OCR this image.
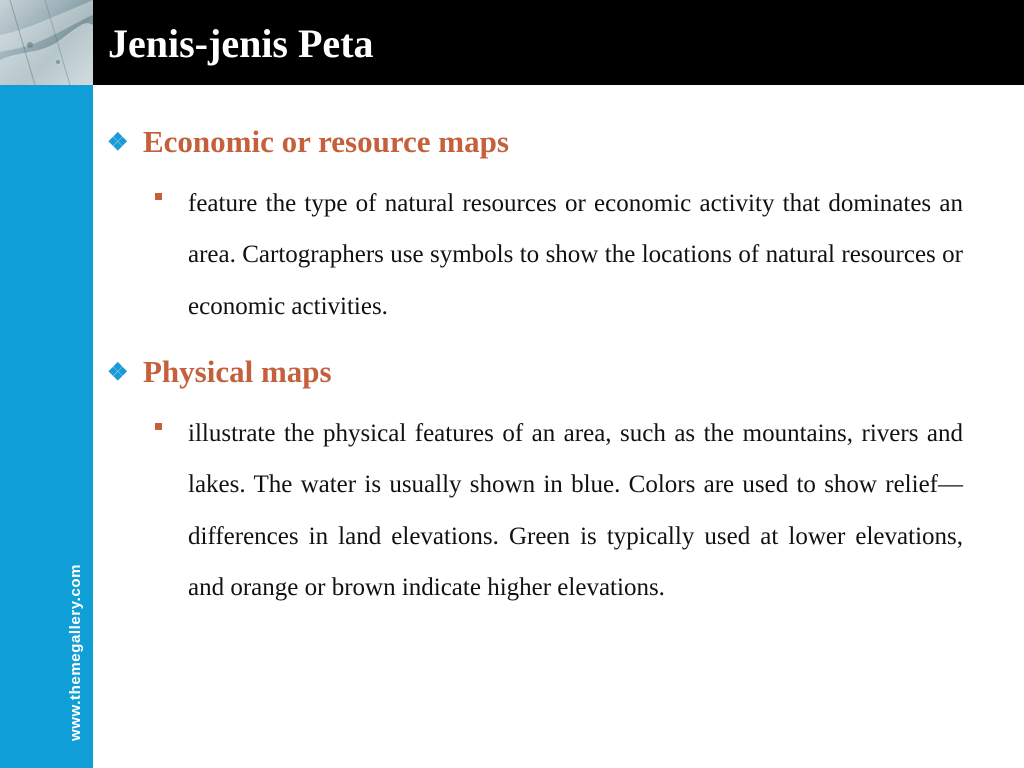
Jenis-jenis Peta
www.themegallery.com
❖ Economic or resource maps
feature the type of natural resources or economic activity that dominates an area. Cartographers use symbols to show the locations of natural resources or economic activities.
❖ Physical maps
illustrate the physical features of an area, such as the mountains, rivers and lakes. The water is usually shown in blue. Colors are used to show relief—differences in land elevations. Green is typically used at lower elevations, and orange or brown indicate higher elevations.
